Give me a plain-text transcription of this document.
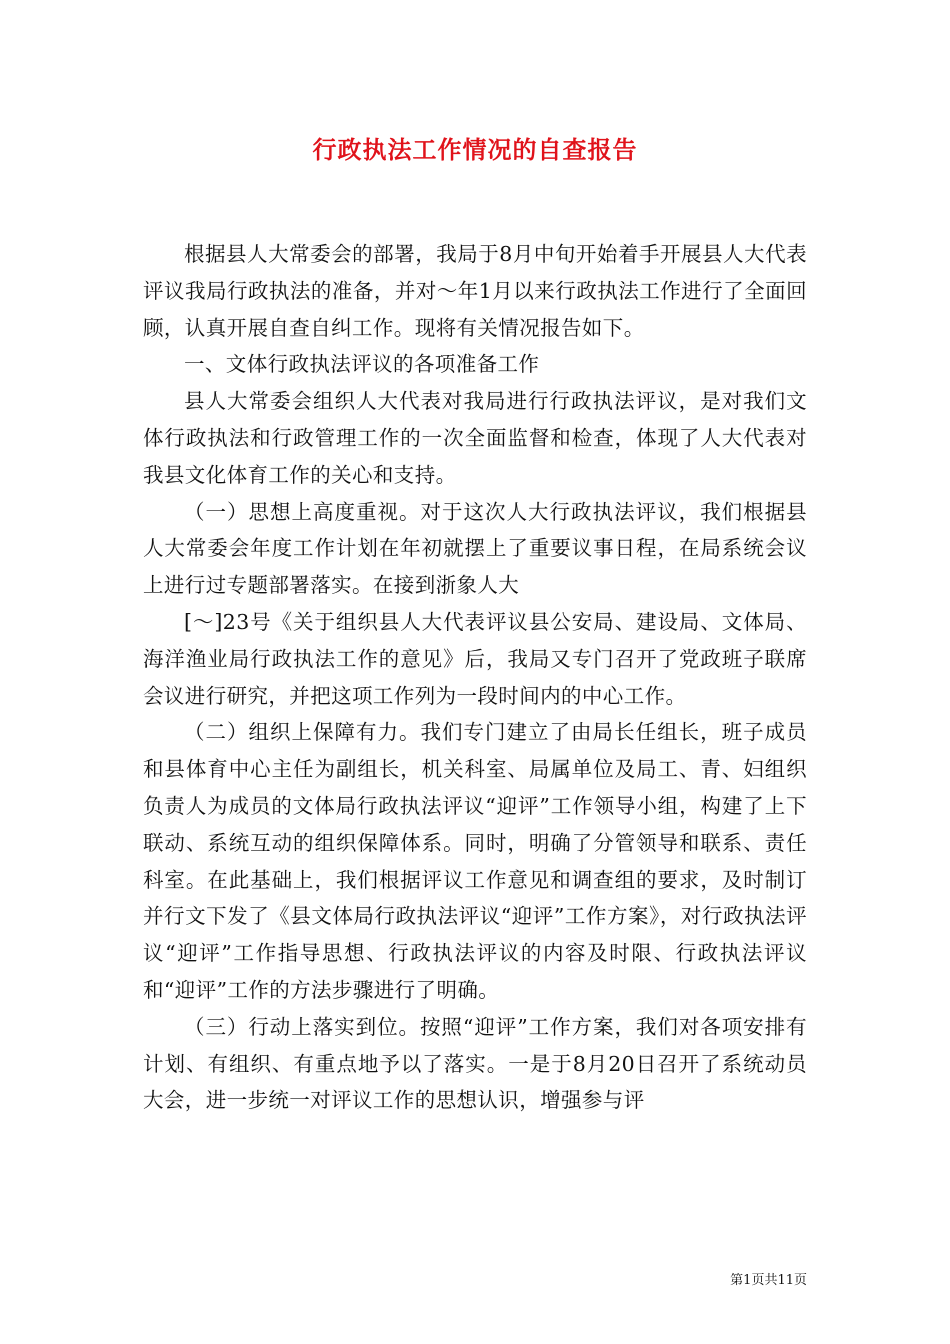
行政执法工作情况的自查报告

根据县人大常委会的部署，我局于8月中旬开始着手开展县人大代表评议我局行政执法的准备，并对～年1月以来行政执法工作进行了全面回顾，认真开展自查自纠工作。现将有关情况报告如下。

一、文体行政执法评议的各项准备工作

县人大常委会组织人大代表对我局进行行政执法评议，是对我们文体行政执法和行政管理工作的一次全面监督和检查，体现了人大代表对我县文化体育工作的关心和支持。

（一）思想上高度重视。对于这次人大行政执法评议，我们根据县人大常委会年度工作计划在年初就摆上了重要议事日程，在局系统会议上进行过专题部署落实。在接到浙象人大

[～]23号《关于组织县人大代表评议县公安局、建设局、文体局、海洋渔业局行政执法工作的意见》后，我局又专门召开了党政班子联席会议进行研究，并把这项工作列为一段时间内的中心工作。

（二）组织上保障有力。我们专门建立了由局长任组长，班子成员和县体育中心主任为副组长，机关科室、局属单位及局工、青、妇组织负责人为成员的文体局行政执法评议“迎评”工作领导小组，构建了上下联动、系统互动的组织保障体系。同时，明确了分管领导和联系、责任科室。在此基础上，我们根据评议工作意见和调查组的要求，及时制订并行文下发了《县文体局行政执法评议“迎评”工作方案》，对行政执法评议“迎评”工作指导思想、行政执法评议的内容及时限、行政执法评议和“迎评”工作的方法步骤进行了明确。

（三）行动上落实到位。按照“迎评”工作方案，我们对各项安排有计划、有组织、有重点地予以了落实。一是于8月20日召开了系统动员大会，进一步统一对评议工作的思想认识，增强参与评

第1页共11页
